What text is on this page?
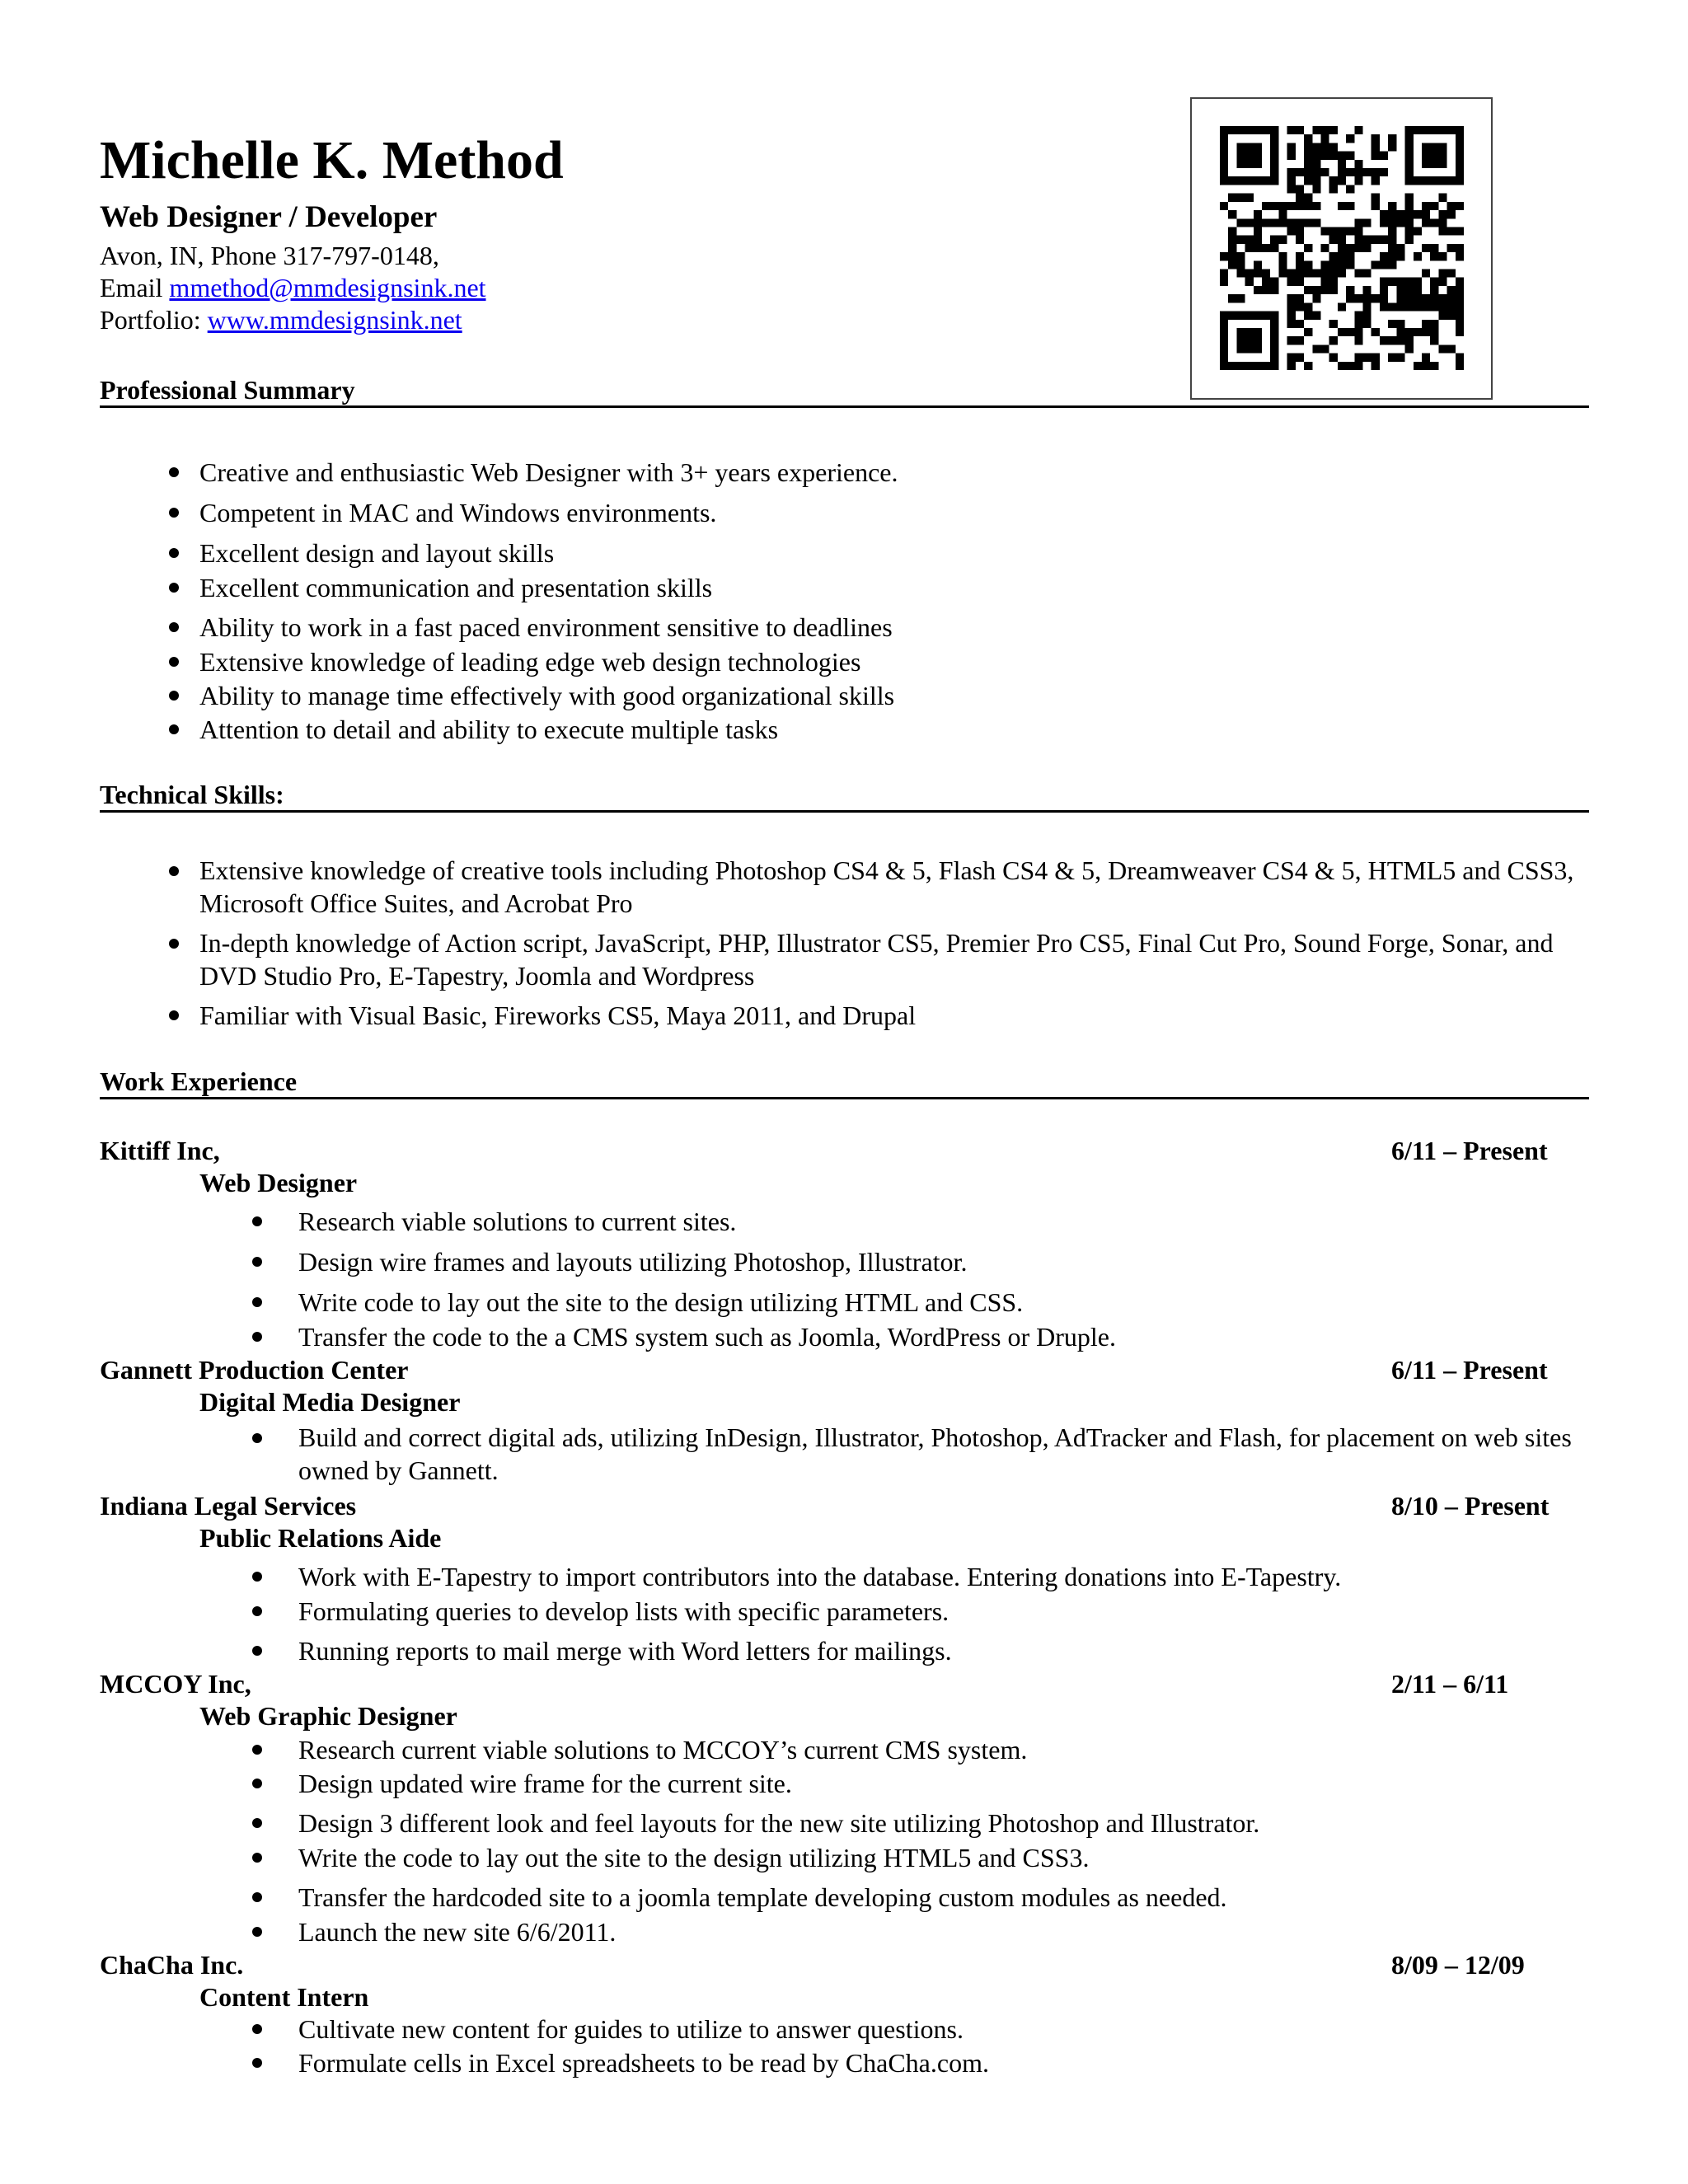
Michelle K. Method
Web Designer / Developer
Avon, IN, Phone 317-797-0148,
Email mmethod@mmdesignsink.net
Portfolio: www.mmdesignsink.net
Professional Summary
Creative and enthusiastic Web Designer with 3+ years experience.
Competent in MAC and Windows environments.
Excellent design and layout skills
Excellent communication and presentation skills
Ability to work in a fast paced environment sensitive to deadlines
Extensive knowledge of leading edge web design technologies
Ability to manage time effectively with good organizational skills
Attention to detail and ability to execute multiple tasks
Technical Skills:
Extensive knowledge of creative tools including Photoshop CS4 & 5, Flash CS4 & 5, Dreamweaver CS4 & 5, HTML5 and CSS3, Microsoft Office Suites, and Acrobat Pro
In-depth knowledge of Action script, JavaScript, PHP, Illustrator CS5, Premier Pro CS5, Final Cut Pro, Sound Forge, Sonar, and DVD Studio Pro, E-Tapestry, Joomla and Wordpress
Familiar with Visual Basic, Fireworks CS5, Maya 2011, and Drupal
Work Experience
Kittiff Inc,	6/11 – Present
Web Designer
Research viable solutions to current sites.
Design wire frames and layouts utilizing Photoshop, Illustrator.
Write code to lay out the site to the design utilizing HTML and CSS.
Transfer the code to the a CMS system such as Joomla, WordPress or Druple.
Gannett Production Center	6/11 – Present
Digital Media Designer
Build and correct digital ads, utilizing InDesign, Illustrator, Photoshop, AdTracker and Flash, for placement on web sites owned by Gannett.
Indiana Legal Services	8/10 – Present
Public Relations Aide
Work with E-Tapestry to import contributors into the database. Entering donations into E-Tapestry.
Formulating queries to develop lists with specific parameters.
Running reports to mail merge with Word letters for mailings.
MCCOY Inc,	2/11 – 6/11
Web Graphic Designer
Research current viable solutions to MCCOY’s current CMS system.
Design updated wire frame for the current site.
Design 3 different look and feel layouts for the new site utilizing Photoshop and Illustrator.
Write the code to lay out the site to the design utilizing HTML5 and CSS3.
Transfer the hardcoded site to a joomla template developing custom modules as needed.
Launch the new site 6/6/2011.
ChaCha Inc.	8/09 – 12/09
Content Intern
Cultivate new content for guides to utilize to answer questions.
Formulate cells in Excel spreadsheets to be read by ChaCha.com.
